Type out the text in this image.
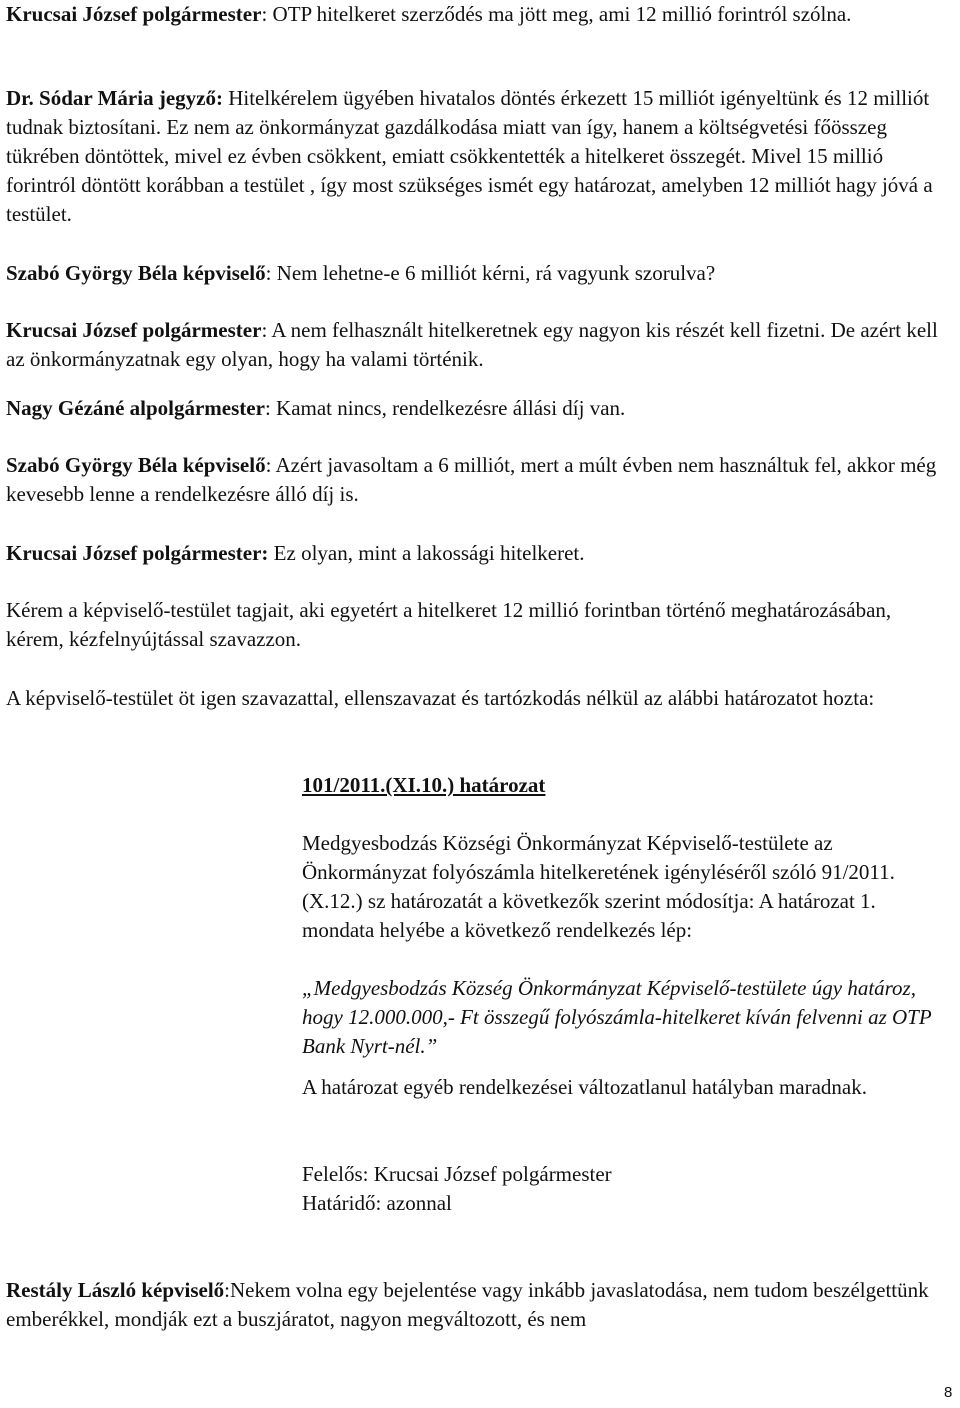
Krucsai József polgármester: OTP hitelkeret szerződés ma jött meg, ami 12 millió forintról szólna.

Dr. Sódar Mária jegyző: Hitelkérelem ügyében hivatalos döntés érkezett 15 milliót igényeltünk és 12 milliót tudnak biztosítani. Ez nem az önkormányzat gazdálkodása miatt van így, hanem a költségvetési főösszeg tükrében döntöttek, mivel ez évben csökkent, emiatt csökkentették a hitelkeret összegét. Mivel 15 millió forintról döntött korábban a testület , így most szükséges ismét egy határozat, amelyben 12 milliót hagy jóvá a testület.

Szabó György Béla képviselő: Nem lehetne-e 6 milliót kérni, rá vagyunk szorulva?

Krucsai József polgármester: A nem felhasznált hitelkeretnek egy nagyon kis részét kell fizetni. De azért kell az önkormányzatnak egy olyan, hogy ha valami történik.

Nagy Gézáné alpolgármester: Kamat nincs, rendelkezésre állási díj van.

Szabó György Béla képviselő: Azért javasoltam a 6 milliót, mert a múlt évben nem használtuk fel, akkor még kevesebb lenne a rendelkezésre álló díj is.

Krucsai József polgármester: Ez olyan, mint a lakossági hitelkeret.

Kérem a képviselő-testület tagjait, aki egyetért a hitelkeret 12 millió forintban történő meghatározásában, kérem, kézfelnyújtással szavazzon.

A képviselő-testület öt igen szavazattal, ellenszavazat és tartózkodás nélkül az alábbi határozatot hozta:

101/2011.(XI.10.) határozat

Medgyesbodzás Községi Önkormányzat Képviselő-testülete az Önkormányzat folyószámla hitelkeretének igényléséről szóló 91/2011. (X.12.) sz határozatát a következők szerint módosítja: A határozat 1. mondata helyébe a következő rendelkezés lép:

„Medgyesbodzás Község Önkormányzat Képviselő-testülete úgy határoz, hogy 12.000.000,- Ft összegű folyószámla-hitelkeret kíván felvenni az OTP Bank Nyrt-nél.”

A határozat egyéb rendelkezései változatlanul hatályban maradnak.

Felelős: Krucsai József polgármester

Határidő: azonnal

Restály László képviselő:Nekem volna egy bejelentése vagy inkább javaslatodása, nem tudom beszélgettünk emberékkel, mondják ezt a buszjáratot, nagyon megváltozott, és nem

8
